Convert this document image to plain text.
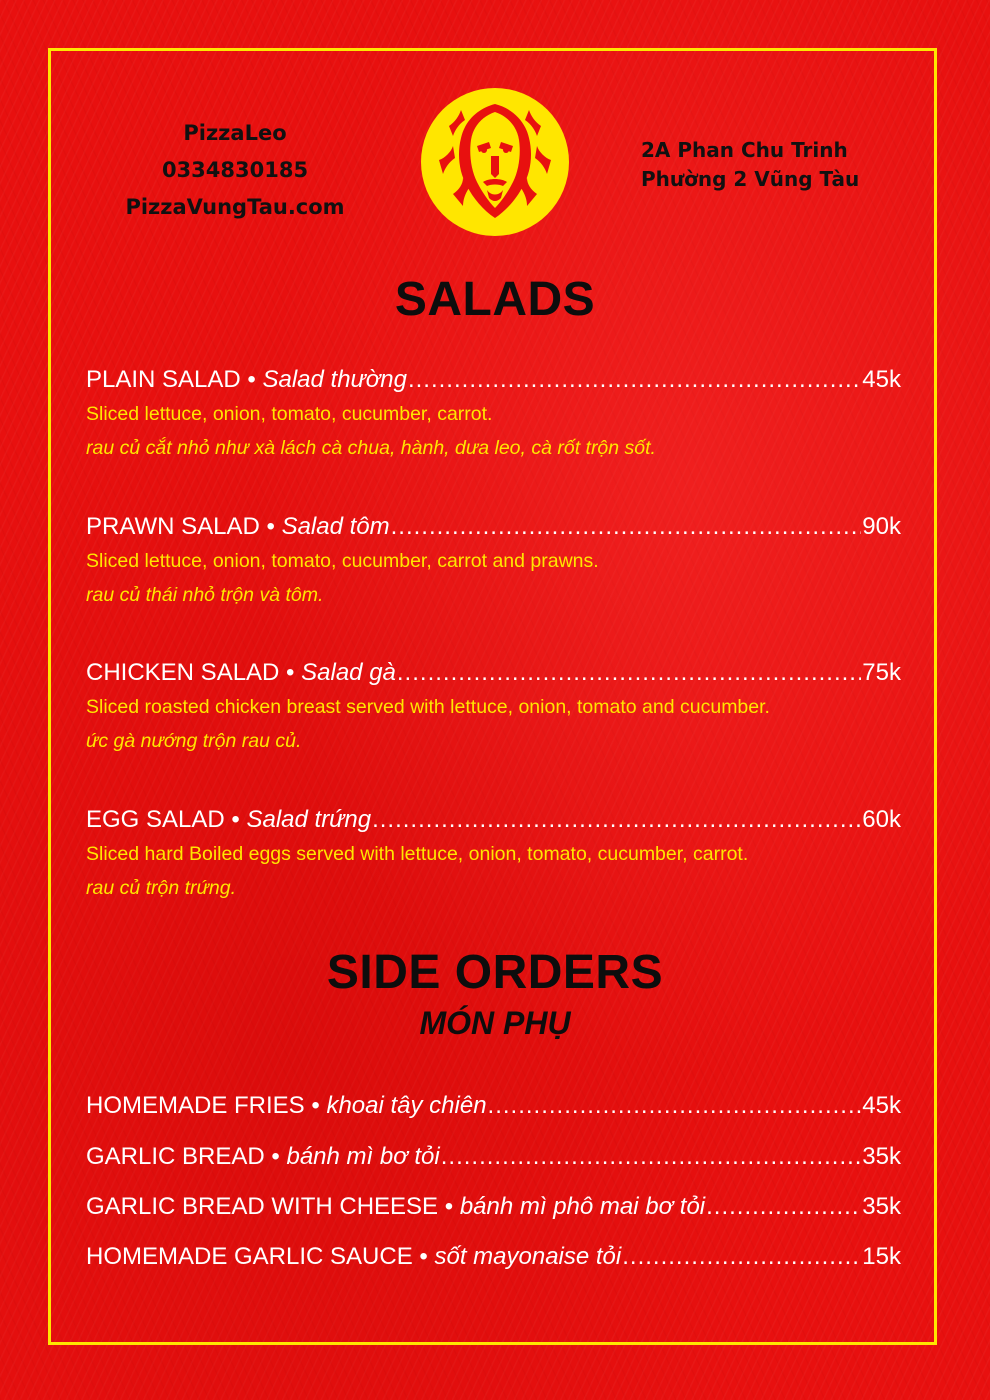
PizzaLeo
0334830185
PizzaVungTau.com
2A Phan Chu Trinh
Phường 2 Vũng Tàu
SALADS
PLAIN SALAD • Salad thường .....	45k
Sliced lettuce, onion, tomato, cucumber, carrot.
rau củ cắt nhỏ như xà lách cà chua, hành, dưa leo, cà rốt trộn sốt.
PRAWN SALAD • Salad tôm .....	90k
Sliced lettuce, onion, tomato, cucumber, carrot and prawns.
rau củ thái nhỏ trộn và tôm.
CHICKEN SALAD • Salad gà .....	75k
Sliced roasted chicken breast served with lettuce, onion, tomato and cucumber.
ức gà nướng trộn rau củ.
EGG SALAD • Salad trứng .....	60k
Sliced hard Boiled eggs served with lettuce, onion, tomato, cucumber, carrot.
rau củ trộn trứng.
SIDE ORDERS
MÓN PHỤ
HOMEMADE FRIES • khoai tây chiên .....	45k
GARLIC BREAD • bánh mì bơ tỏi .....	35k
GARLIC BREAD WITH CHEESE • bánh mì phô mai bơ tỏi .....	35k
HOMEMADE GARLIC SAUCE • sốt mayonaise tỏi .....	15k
